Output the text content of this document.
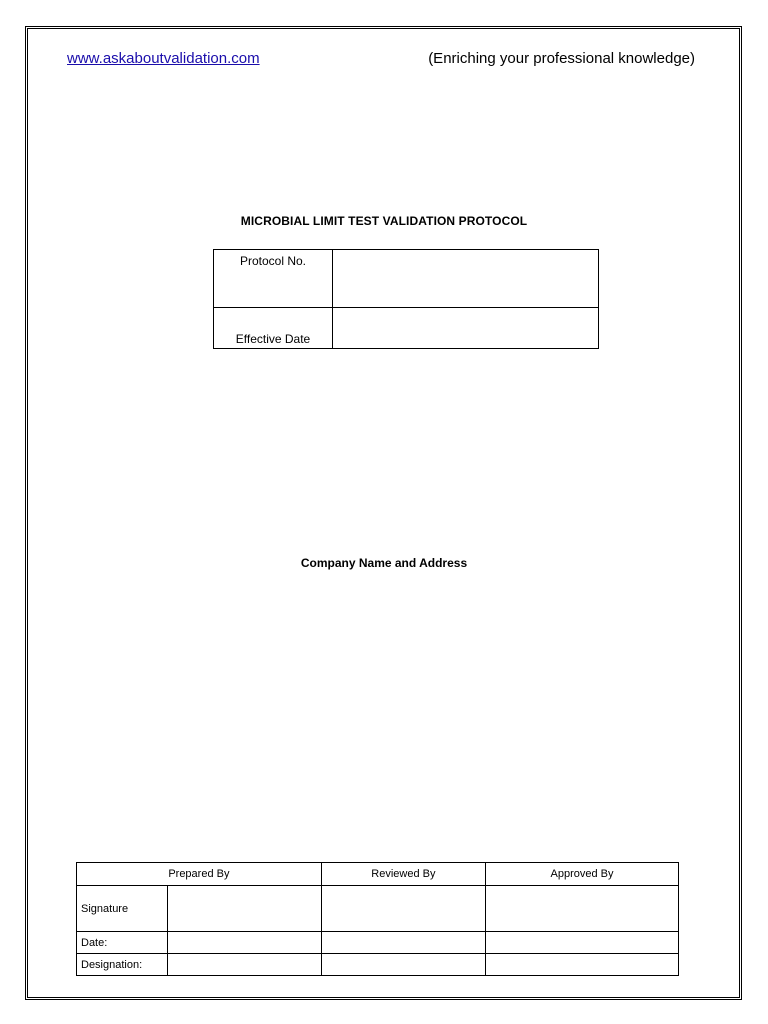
www.askaboutvalidation.com	(Enriching your professional knowledge)
MICROBIAL LIMIT TEST VALIDATION PROTOCOL
Protocol No.	
Effective Date	
Company Name and Address
Prepared By		Reviewed By	Approved By
Signature			
Date:			
Designation:			
